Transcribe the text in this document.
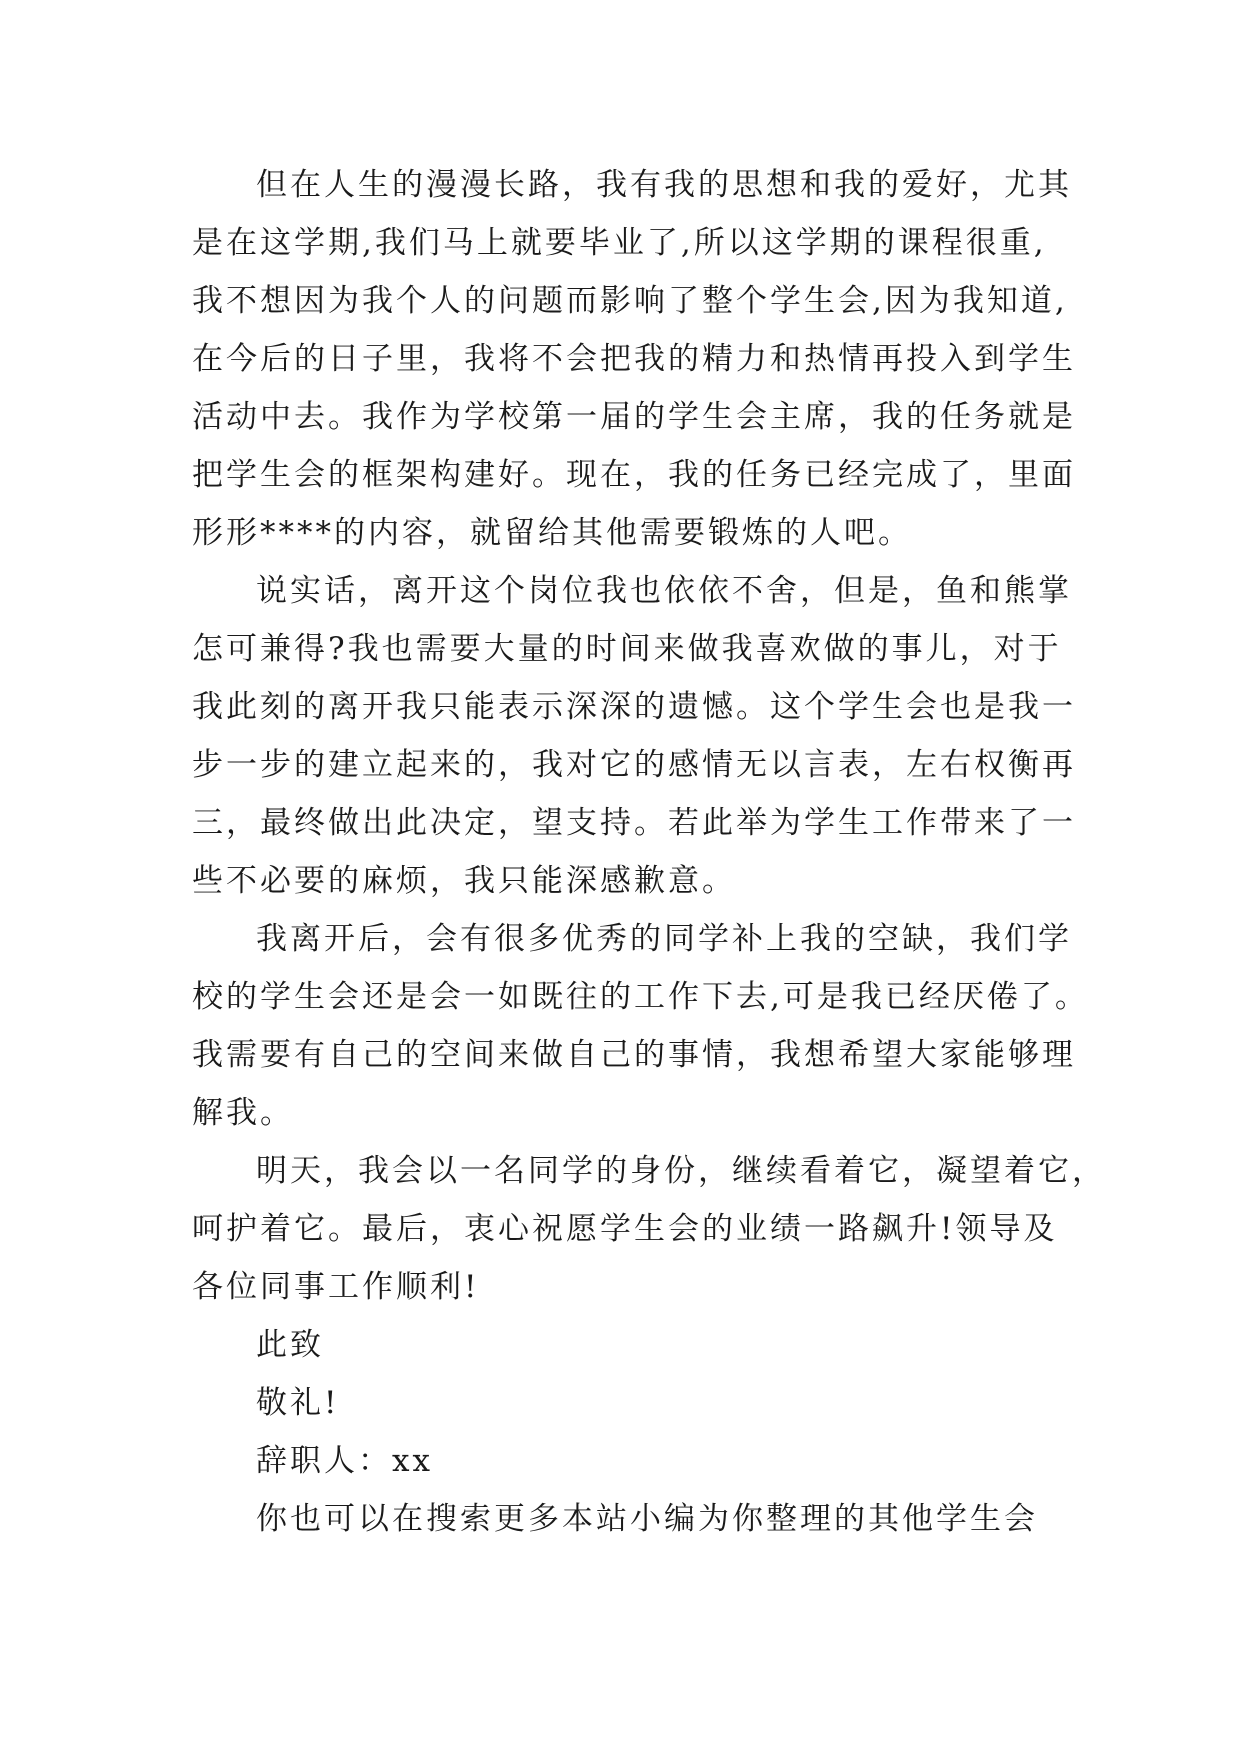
但在人生的漫漫长路，我有我的思想和我的爱好，尤其
是在这学期,我们马上就要毕业了,所以这学期的课程很重,
我不想因为我个人的问题而影响了整个学生会,因为我知道,
在今后的日子里，我将不会把我的精力和热情再投入到学生
活动中去。我作为学校第一届的学生会主席，我的任务就是
把学生会的框架构建好。现在，我的任务已经完成了，里面
形形****的内容，就留给其他需要锻炼的人吧。

说实话，离开这个岗位我也依依不舍，但是，鱼和熊掌
怎可兼得?我也需要大量的时间来做我喜欢做的事儿，对于
我此刻的离开我只能表示深深的遗憾。这个学生会也是我一
步一步的建立起来的，我对它的感情无以言表，左右权衡再
三，最终做出此决定，望支持。若此举为学生工作带来了一
些不必要的麻烦，我只能深感歉意。

我离开后，会有很多优秀的同学补上我的空缺，我们学
校的学生会还是会一如既往的工作下去,可是我已经厌倦了。
我需要有自己的空间来做自己的事情，我想希望大家能够理
解我。

明天，我会以一名同学的身份，继续看着它，凝望着它，
呵护着它。最后，衷心祝愿学生会的业绩一路飙升!领导及
各位同事工作顺利!

此致

敬礼!

辞职人：xx

你也可以在搜索更多本站小编为你整理的其他学生会
